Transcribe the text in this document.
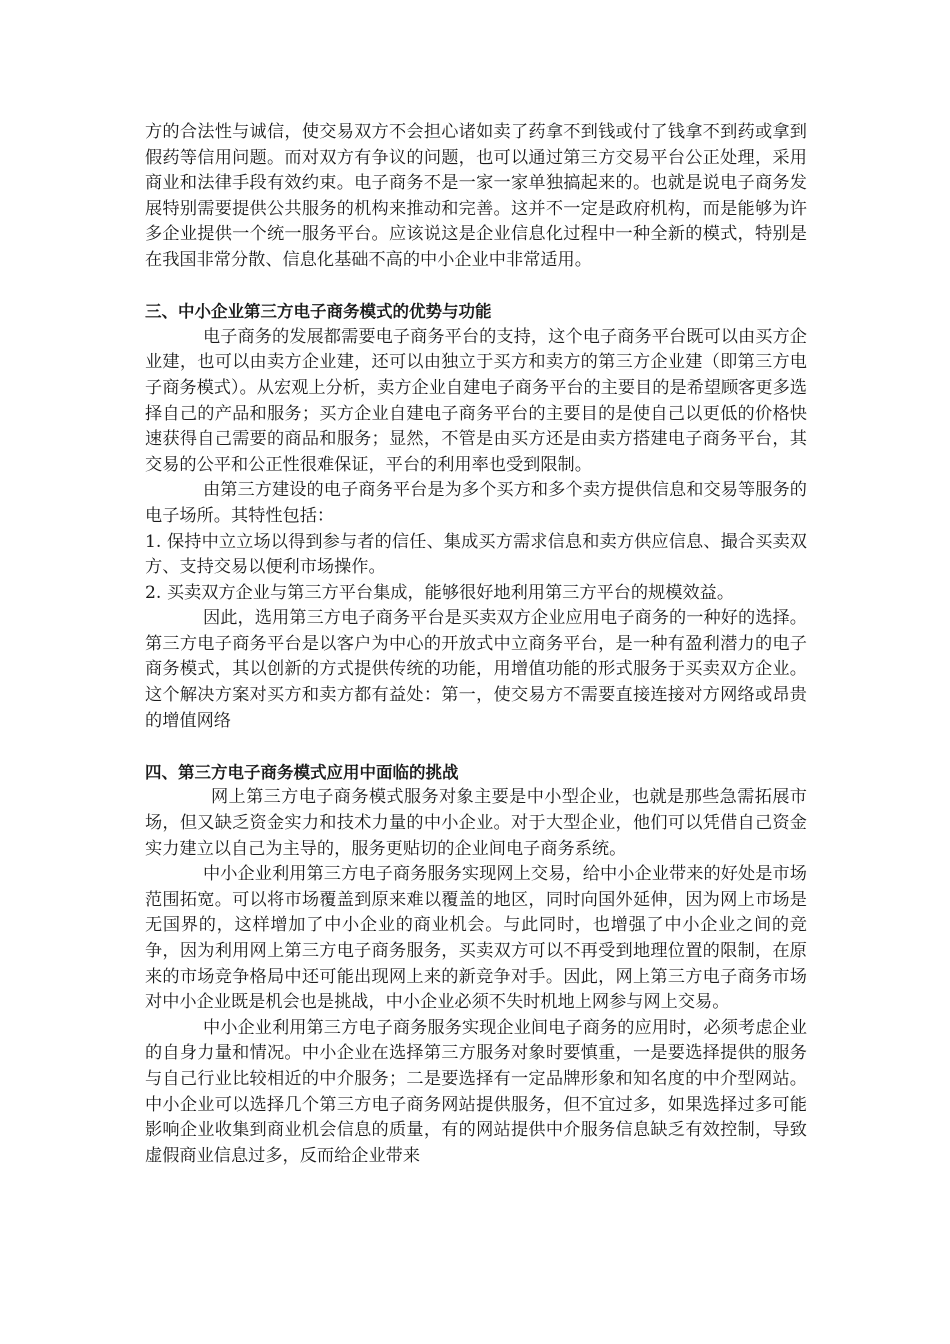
方的合法性与诚信，使交易双方不会担心诸如卖了药拿不到钱或付了钱拿不到药或拿到假药等信用问题。而对双方有争议的问题，也可以通过第三方交易平台公正处理，采用商业和法律手段有效约束。电子商务不是一家一家单独搞起来的。也就是说电子商务发展特别需要提供公共服务的机构来推动和完善。这并不一定是政府机构，而是能够为许多企业提供一个统一服务平台。应该说这是企业信息化过程中一种全新的模式，特别是在我国非常分散、信息化基础不高的中小企业中非常适用。

三、中小企业第三方电子商务模式的优势与功能

电子商务的发展都需要电子商务平台的支持，这个电子商务平台既可以由买方企业建，也可以由卖方企业建，还可以由独立于买方和卖方的第三方企业建（即第三方电子商务模式）。从宏观上分析，卖方企业自建电子商务平台的主要目的是希望顾客更多选择自己的产品和服务；买方企业自建电子商务平台的主要目的是使自己以更低的价格快速获得自己需要的商品和服务；显然，不管是由买方还是由卖方搭建电子商务平台，其交易的公平和公正性很难保证，平台的利用率也受到限制。

由第三方建设的电子商务平台是为多个买方和多个卖方提供信息和交易等服务的电子场所。其特性包括：

1. 保持中立立场以得到参与者的信任、集成买方需求信息和卖方供应信息、撮合买卖双方、支持交易以便利市场操作。

2. 买卖双方企业与第三方平台集成，能够很好地利用第三方平台的规模效益。

因此，选用第三方电子商务平台是买卖双方企业应用电子商务的一种好的选择。第三方电子商务平台是以客户为中心的开放式中立商务平台，是一种有盈利潜力的电子商务模式，其以创新的方式提供传统的功能，用增值功能的形式服务于买卖双方企业。这个解决方案对买方和卖方都有益处：第一，使交易方不需要直接连接对方网络或昂贵的增值网络

四、第三方电子商务模式应用中面临的挑战

网上第三方电子商务模式服务对象主要是中小型企业，也就是那些急需拓展市场，但又缺乏资金实力和技术力量的中小企业。对于大型企业，他们可以凭借自己资金实力建立以自己为主导的，服务更贴切的企业间电子商务系统。

中小企业利用第三方电子商务服务实现网上交易，给中小企业带来的好处是市场范围拓宽。可以将市场覆盖到原来难以覆盖的地区，同时向国外延伸，因为网上市场是无国界的，这样增加了中小企业的商业机会。与此同时，也增强了中小企业之间的竞争，因为利用网上第三方电子商务服务，买卖双方可以不再受到地理位置的限制，在原来的市场竞争格局中还可能出现网上来的新竞争对手。因此，网上第三方电子商务市场对中小企业既是机会也是挑战，中小企业必须不失时机地上网参与网上交易。

中小企业利用第三方电子商务服务实现企业间电子商务的应用时，必须考虑企业的自身力量和情况。中小企业在选择第三方服务对象时要慎重，一是要选择提供的服务与自己行业比较相近的中介服务；二是要选择有一定品牌形象和知名度的中介型网站。中小企业可以选择几个第三方电子商务网站提供服务，但不宜过多，如果选择过多可能影响企业收集到商业机会信息的质量，有的网站提供中介服务信息缺乏有效控制，导致虚假商业信息过多，反而给企业带来
